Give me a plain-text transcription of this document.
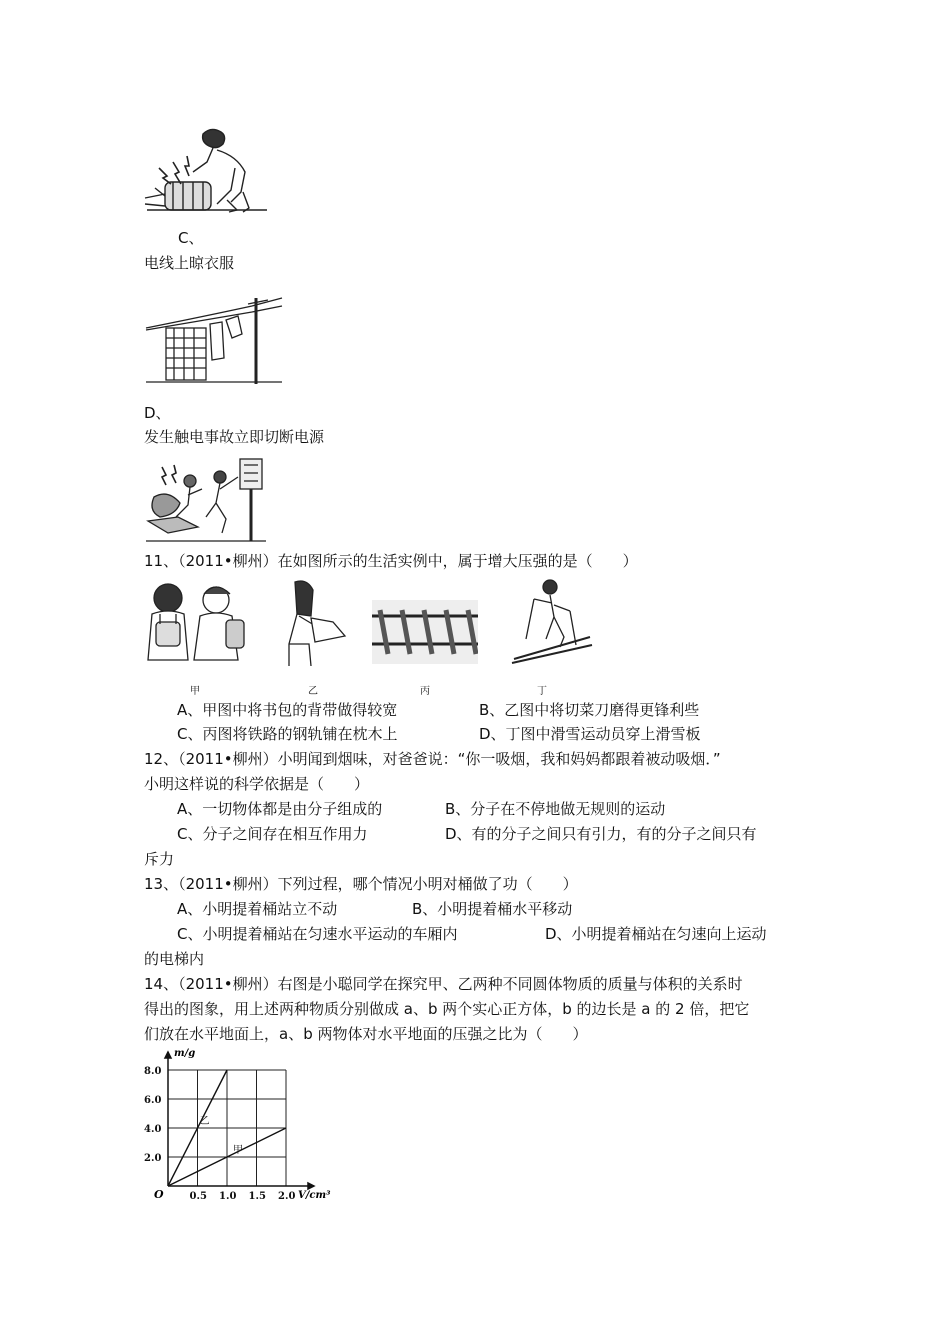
C、
电线上晾衣服
D、
发生触电事故立即切断电源
11、（2011•柳州）在如图所示的生活实例中，属于增大压强的是（　　）
甲	乙	丙	丁
A、甲图中将书包的背带做得较宽	B、乙图中将切菜刀磨得更锋利些
C、丙图将铁路的钢轨铺在枕木上	D、丁图中滑雪运动员穿上滑雪板
12、（2011•柳州）小明闻到烟味，对爸爸说：“你一吸烟，我和妈妈都跟着被动吸烟．”
小明这样说的科学依据是（　　）
A、一切物体都是由分子组成的	B、分子在不停地做无规则的运动
C、分子之间存在相互作用力	D、有的分子之间只有引力，有的分子之间只有
斥力
13、（2011•柳州）下列过程，哪个情况小明对桶做了功（　　）
A、小明提着桶站立不动	B、小明提着桶水平移动
C、小明提着桶站在匀速水平运动的车厢内	D、小明提着桶站在匀速向上运动
的电梯内
14、（2011•柳州）右图是小聪同学在探究甲、乙两种不同圆体物质的质量与体积的关系时
得出的图象，用上述两种物质分别做成 a、b 两个实心正方体，b 的边长是 a 的 2 倍，把它
们放在水平地面上，a、b 两物体对水平地面的压强之比为（　　）
乙
甲
0.5 1.0 1.5 2.0
2.0
4.0
6.0
8.0
m/g
V/cm³
O
